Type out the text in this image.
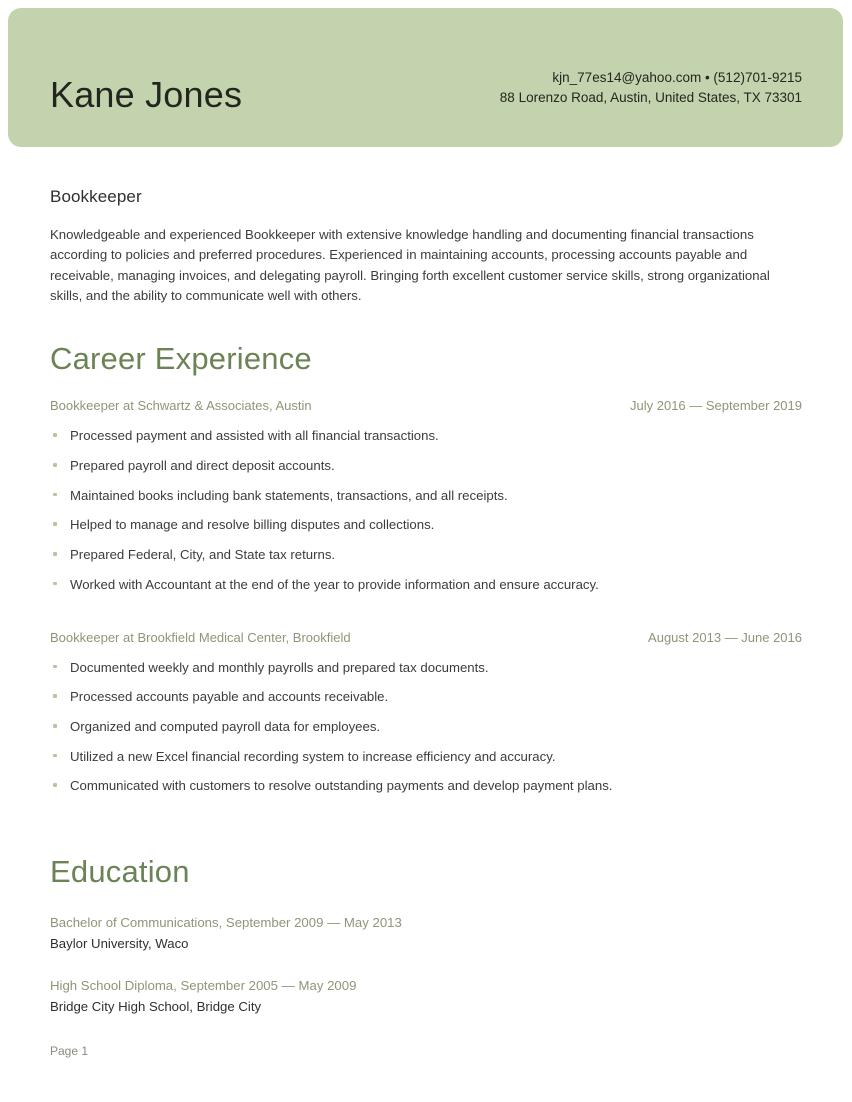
Kane Jones	kjn_77es14@yahoo.com • (512)701-9215
88 Lorenzo Road, Austin, United States, TX 73301
Bookkeeper

Knowledgeable and experienced Bookkeeper with extensive knowledge handling and documenting financial transactions according to policies and preferred procedures. Experienced in maintaining accounts, processing accounts payable and receivable, managing invoices, and delegating payroll. Bringing forth excellent customer service skills, strong organizational skills, and the ability to communicate well with others.

Career Experience
Bookkeeper at Schwartz & Associates, Austin	July 2016 — September 2019
Processed payment and assisted with all financial transactions.
Prepared payroll and direct deposit accounts.
Maintained books including bank statements, transactions, and all receipts.
Helped to manage and resolve billing disputes and collections.
Prepared Federal, City, and State tax returns.
Worked with Accountant at the end of the year to provide information and ensure accuracy.
Bookkeeper at Brookfield Medical Center, Brookfield	August 2013 — June 2016
Documented weekly and monthly payrolls and prepared tax documents.
Processed accounts payable and accounts receivable.
Organized and computed payroll data for employees.
Utilized a new Excel financial recording system to increase efficiency and accuracy.
Communicated with customers to resolve outstanding payments and develop payment plans.
Education
Bachelor of Communications, September 2009 — May 2013
Baylor University, Waco
High School Diploma, September 2005 — May 2009
Bridge City High School, Bridge City
Page 1
